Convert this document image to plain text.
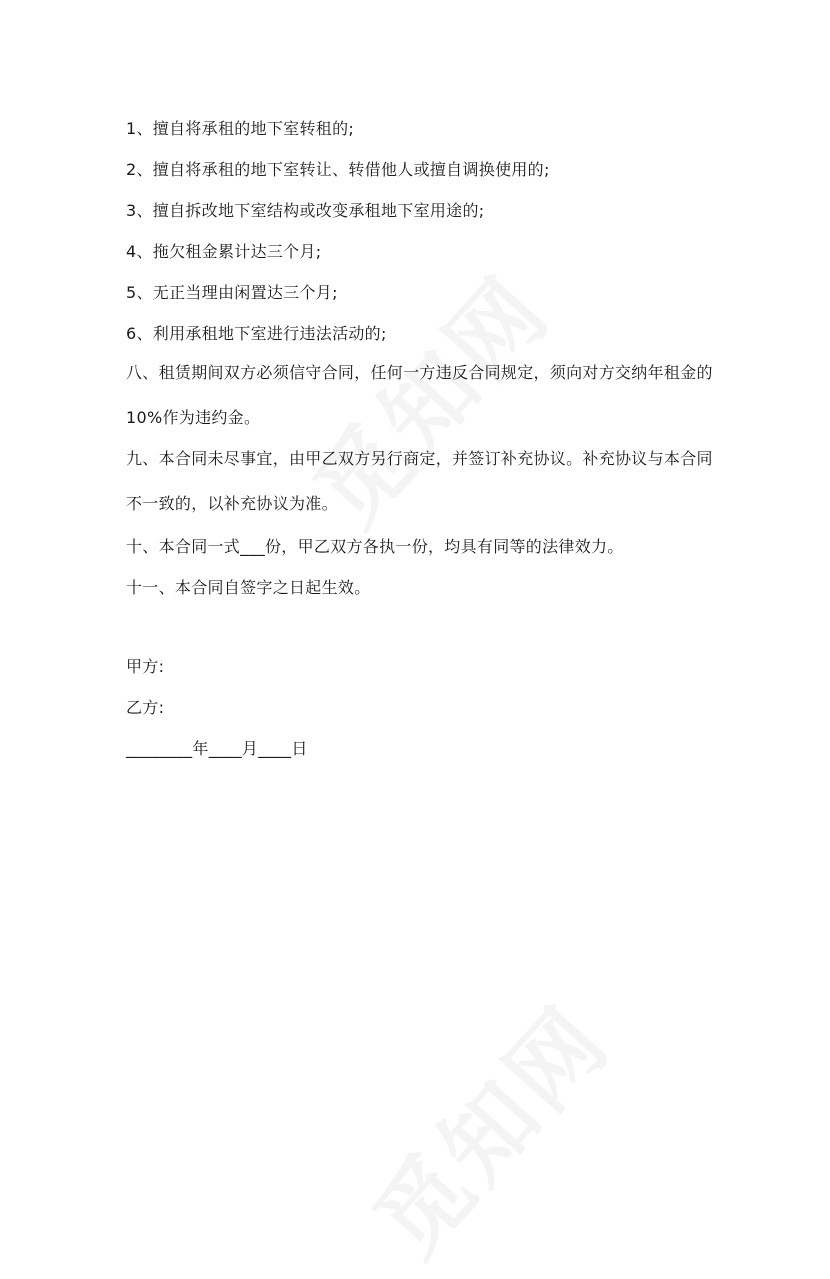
1、擅自将承租的地下室转租的;

2、擅自将承租的地下室转让、转借他人或擅自调换使用的;

3、擅自拆改地下室结构或改变承租地下室用途的;

4、拖欠租金累计达三个月;

5、无正当理由闲置达三个月;

6、利用承租地下室进行违法活动的;

八、租赁期间双方必须信守合同，任何一方违反合同规定，须向对方交纳年租金的 10%作为违约金。

九、本合同未尽事宜，由甲乙双方另行商定，并签订补充协议。补充协议与本合同不一致的，以补充协议为准。

十、本合同一式___份，甲乙双方各执一份，均具有同等的法律效力。

十一、本合同自签字之日起生效。

甲方:

乙方:

________年____月____日
